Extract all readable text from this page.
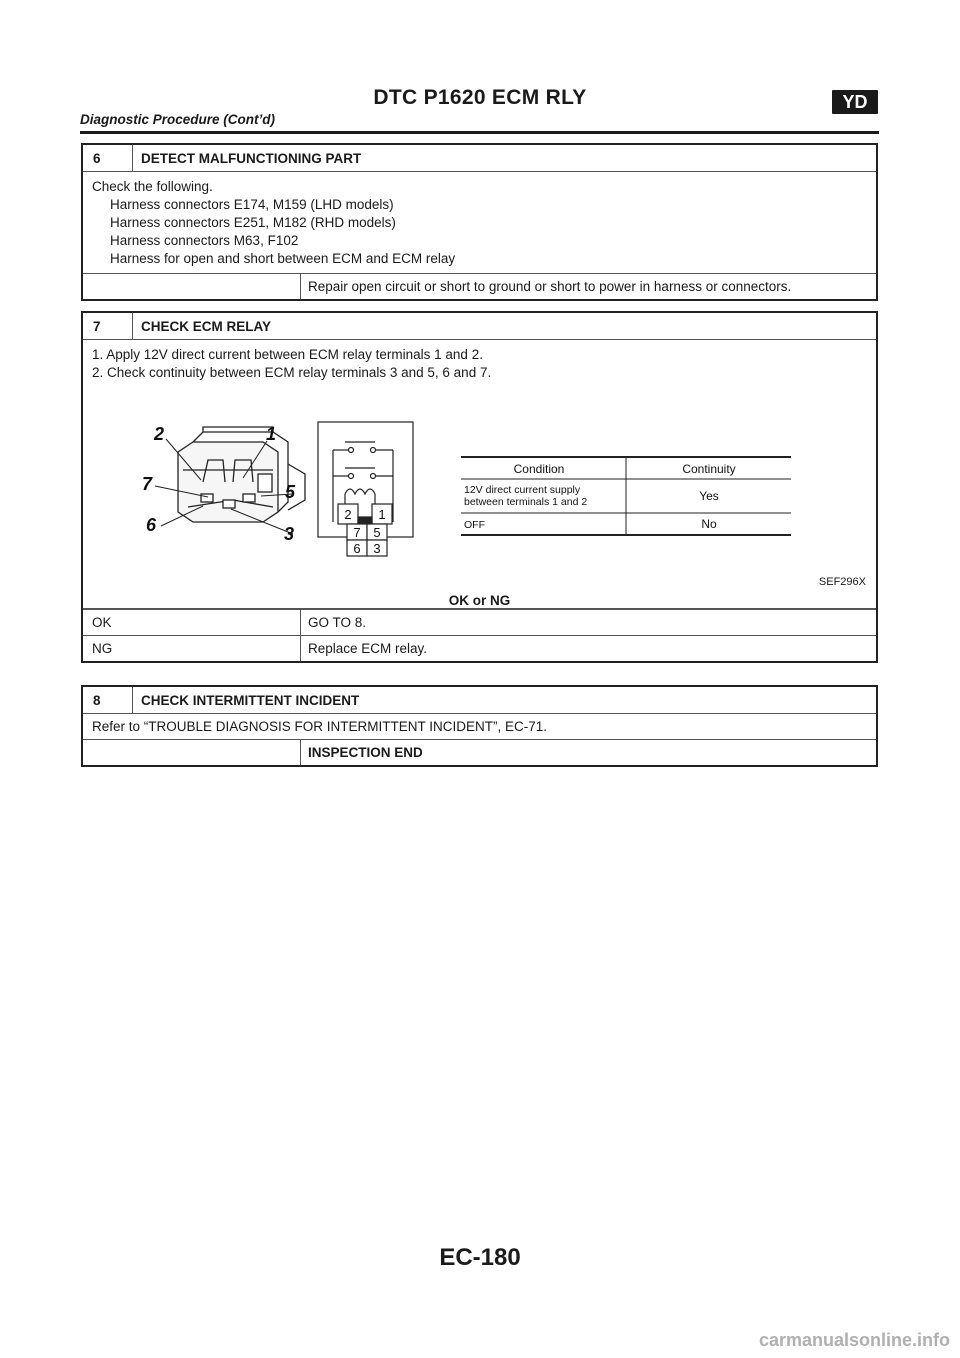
DTC P1620 ECM RLY	YD
Diagnostic Procedure (Cont’d)
6	DETECT MALFUNCTIONING PART
Check the following.
Harness connectors E174, M159 (LHD models)
Harness connectors E251, M182 (RHD models)
Harness connectors M63, F102
Harness for open and short between ECM and ECM relay
Repair open circuit or short to ground or short to power in harness or connectors.
7	CHECK ECM RELAY
1. Apply 12V direct current between ECM relay terminals 1 and 2.
2. Check continuity between ECM relay terminals 3 and 5, 6 and 7.
1
2
7	5
6	3
2 1
7 5
6 3
Condition	Continuity
12V direct current supply
between terminals 1 and 2	Yes
OFF	No
SEF296X
OK or NG
OK	GO TO 8.
NG	Replace ECM relay.
8	CHECK INTERMITTENT INCIDENT
Refer to “TROUBLE DIAGNOSIS FOR INTERMITTENT INCIDENT”, EC-71.
INSPECTION END
EC-180
carmanualsonline.info
